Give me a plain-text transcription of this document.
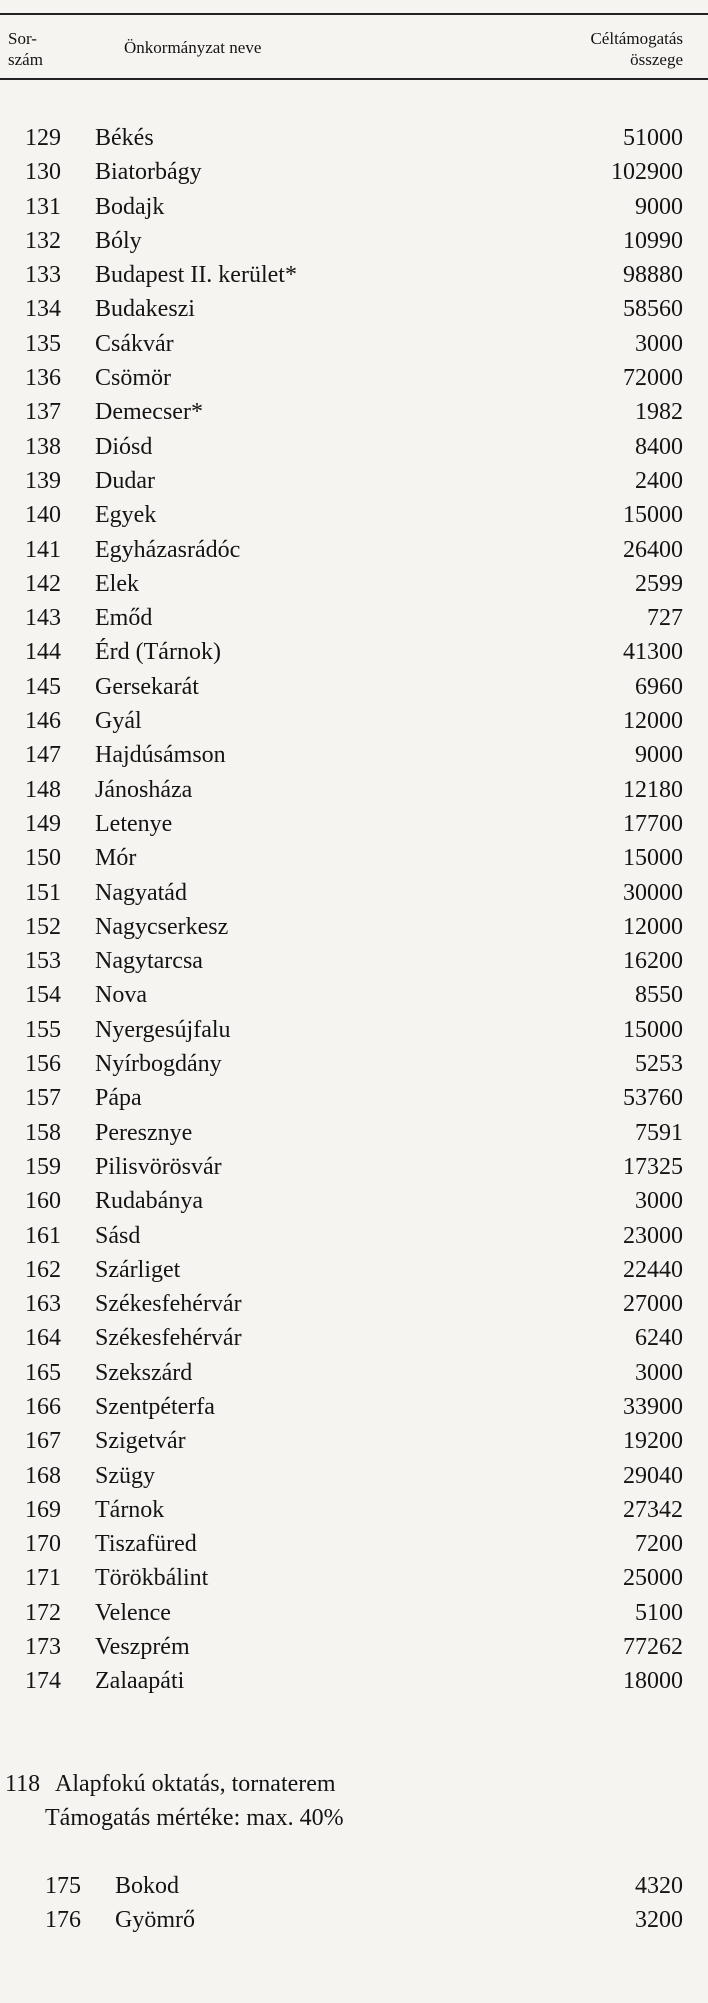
Sor-
szám
Önkormányzat neve	Céltámogatás
összege
129 Békés	51000
130 Biatorbágy	102900
131 Bodajk	9000
132 Bóly	10990
133 Budapest II. kerület*	98880
134 Budakeszi	58560
135 Csákvár	3000
136 Csömör	72000
137 Demecser*	1982
138 Diósd	8400
139 Dudar	2400
140 Egyek	15000
141 Egyházasrádóc	26400
142 Elek	2599
143 Emőd	727
144 Érd (Tárnok)	41300
145 Gersekarát	6960
146 Gyál	12000
147 Hajdúsámson	9000
148 Jánosháza	12180
149 Letenye	17700
150 Mór	15000
151 Nagyatád	30000
152 Nagycserkesz	12000
153 Nagytarcsa	16200
154 Nova	8550
155 Nyergesújfalu	15000
156 Nyírbogdány	5253
157 Pápa	53760
158 Peresznye	7591
159 Pilisvörösvár	17325
160 Rudabánya	3000
161 Sásd	23000
162 Szárliget	22440
163 Székesfehérvár	27000
164 Székesfehérvár	6240
165 Szekszárd	3000
166 Szentpéterfa	33900
167 Szigetvár	19200
168 Szügy	29040
169 Tárnok	27342
170 Tiszafüred	7200
171 Törökbálint	25000
172 Velence	5100
173 Veszprém	77262
174 Zalaapáti	18000
118 Alapfokú oktatás, tornaterem
Támogatás mértéke: max. 40%
175 Bokod	4320
176 Gyömrő	3200
